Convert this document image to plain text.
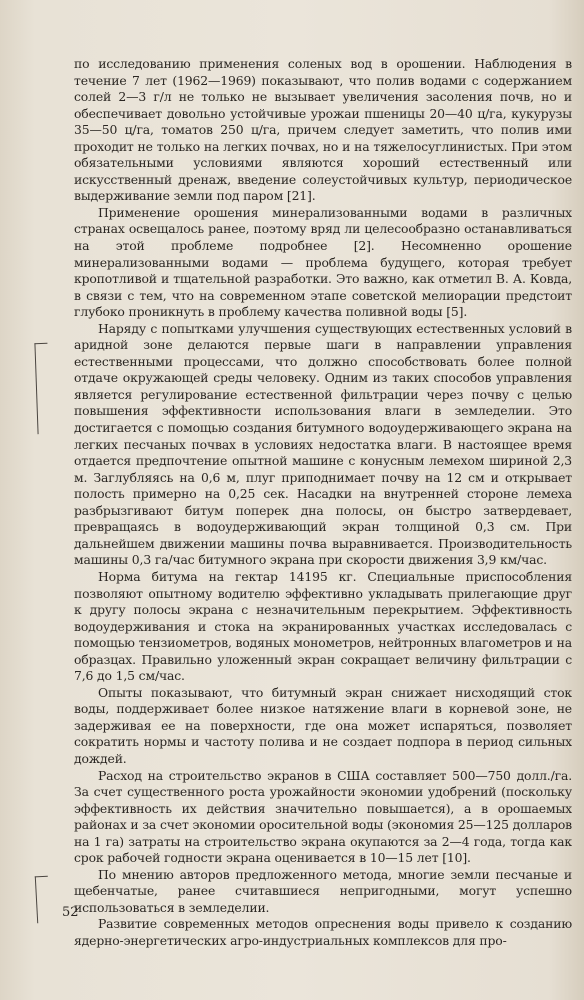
по исследованию применения соленых вод в орошении. Наблюдения в течение 7 лет (1962—1969) показывают, что полив водами с содержанием солей 2—3 г/л не только не вызывает увеличения засоления почв, но и обеспечивает довольно устойчивые урожаи пшеницы 20—40 ц/га, кукурузы 35—50 ц/га, томатов 250 ц/га, причем следует заметить, что полив ими проходит не только на легких почвах, но и на тяжелосуглинистых. При этом обязательными условиями являются хороший естественный или искусственный дренаж, введение солеустойчивых культур, периодическое выдерживание земли под паром [21].

Применение орошения минерализованными водами в различных странах освещалось ранее, поэтому вряд ли целесообразно останавливаться на этой проблеме подробнее [2]. Несомненно орошение минерализованными водами — проблема будущего, которая требует кропотливой и тщательной разработки. Это важно, как отметил В. А. Ковда, в связи с тем, что на современном этапе советской мелиорации предстоит глубоко проникнуть в проблему качества поливной воды [5].

Наряду с попытками улучшения существующих естественных условий в аридной зоне делаются первые шаги в направлении управления естественными процессами, что должно способствовать более полной отдаче окружающей среды человеку. Одним из таких способов управления является регулирование естественной фильтрации через почву с целью повышения эффективности использования влаги в земледелии. Это достигается с помощью создания битумного водоудерживающего экрана на легких песчаных почвах в условиях недостатка влаги. В настоящее время отдается предпочтение опытной машине с конусным лемехом шириной 2,3 м. Заглубляясь на 0,6 м, плуг приподнимает почву на 12 см и открывает полость примерно на 0,25 сек. Насадки на внутренней стороне лемеха разбрызгивают битум поперек дна полосы, он быстро затвердевает, превращаясь в водоудерживающий экран толщиной 0,3 см. При дальнейшем движении машины почва выравнивается. Производительность машины 0,3 га/час битумного экрана при скорости движения 3,9 км/час.

Норма битума на гектар 14195 кг. Специальные приспособления позволяют опытному водителю эффективно укладывать прилегающие друг к другу полосы экрана с незначительным перекрытием. Эффективность водоудерживания и стока на экранированных участках исследовалась с помощью тензиометров, водяных монометров, нейтронных влагометров и на образцах. Правильно уложенный экран сокращает величину фильтрации с 7,6 до 1,5 см/час.

Опыты показывают, что битумный экран снижает нисходящий сток воды, поддерживает более низкое натяжение влаги в корневой зоне, не задерживая ее на поверхности, где она может испаряться, позволяет сократить нормы и частоту полива и не создает подпора в период сильных дождей.

Расход на строительство экранов в США составляет 500—750 долл./га. За счет существенного роста урожайности экономии удобрений (поскольку эффективность их действия значительно повышается), а в орошаемых районах и за счет экономии оросительной воды (экономия 25—125 долларов на 1 га) затраты на строительство экрана окупаются за 2—4 года, тогда как срок рабочей годности экрана оценивается в 10—15 лет [10].

По мнению авторов предложенного метода, многие земли песчаные и щебенчатые, ранее считавшиеся непригодными, могут успешно использоваться в земледелии.

Развитие современных методов опреснения воды привело к созданию ядерно-энергетических агро-индустриальных комплексов для про-

52
